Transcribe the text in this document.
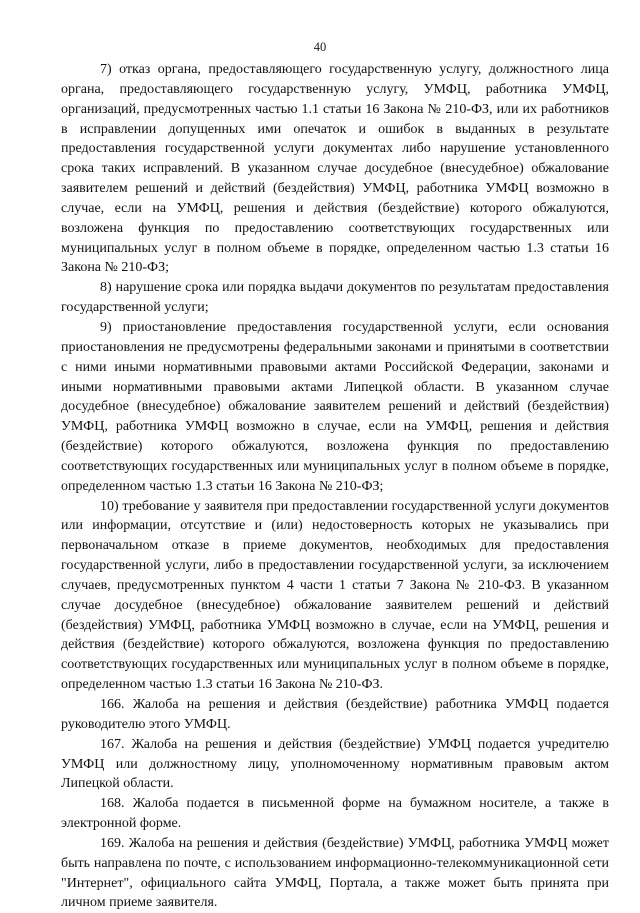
40

7) отказ органа, предоставляющего государственную услугу, должностного лица органа, предоставляющего государственную услугу, УМФЦ, работника УМФЦ, организаций, предусмотренных частью 1.1 статьи 16 Закона № 210-ФЗ, или их работников в исправлении допущенных ими опечаток и ошибок в выданных в результате предоставления государственной услуги документах либо нарушение установленного срока таких исправлений. В указанном случае досудебное (внесудебное) обжалование заявителем решений и действий (бездействия) УМФЦ, работника УМФЦ возможно в случае, если на УМФЦ, решения и действия (бездействие) которого обжалуются, возложена функция по предоставлению соответствующих государственных или муниципальных услуг в полном объеме в порядке, определенном частью 1.3 статьи 16 Закона № 210-ФЗ;

8) нарушение срока или порядка выдачи документов по результатам предоставления государственной услуги;

9) приостановление предоставления государственной услуги, если основания приостановления не предусмотрены федеральными законами и принятыми в соответствии с ними иными нормативными правовыми актами Российской Федерации, законами и иными нормативными правовыми актами Липецкой области. В указанном случае досудебное (внесудебное) обжалование заявителем решений и действий (бездействия) УМФЦ, работника УМФЦ возможно в случае, если на УМФЦ, решения и действия (бездействие) которого обжалуются, возложена функция по предоставлению соответствующих государственных или муниципальных услуг в полном объеме в порядке, определенном частью 1.3 статьи 16 Закона № 210-ФЗ;

10) требование у заявителя при предоставлении государственной услуги документов или информации, отсутствие и (или) недостоверность которых не указывались при первоначальном отказе в приеме документов, необходимых для предоставления государственной услуги, либо в предоставлении государственной услуги, за исключением случаев, предусмотренных пунктом 4 части 1 статьи 7 Закона № 210-ФЗ. В указанном случае досудебное (внесудебное) обжалование заявителем решений и действий (бездействия) УМФЦ, работника УМФЦ возможно в случае, если на УМФЦ, решения и действия (бездействие) которого обжалуются, возложена функция по предоставлению соответствующих государственных или муниципальных услуг в полном объеме в порядке, определенном частью 1.3 статьи 16 Закона № 210-ФЗ.

166. Жалоба на решения и действия (бездействие) работника УМФЦ подается руководителю этого УМФЦ.

167. Жалоба на решения и действия (бездействие) УМФЦ подается учредителю УМФЦ или должностному лицу, уполномоченному нормативным правовым актом Липецкой области.

168. Жалоба подается в письменной форме на бумажном носителе, а также в электронной форме.

169. Жалоба на решения и действия (бездействие) УМФЦ, работника УМФЦ может быть направлена по почте, с использованием информационно-телекоммуникационной сети "Интернет", официального сайта УМФЦ, Портала, а также может быть принята при личном приеме заявителя.
